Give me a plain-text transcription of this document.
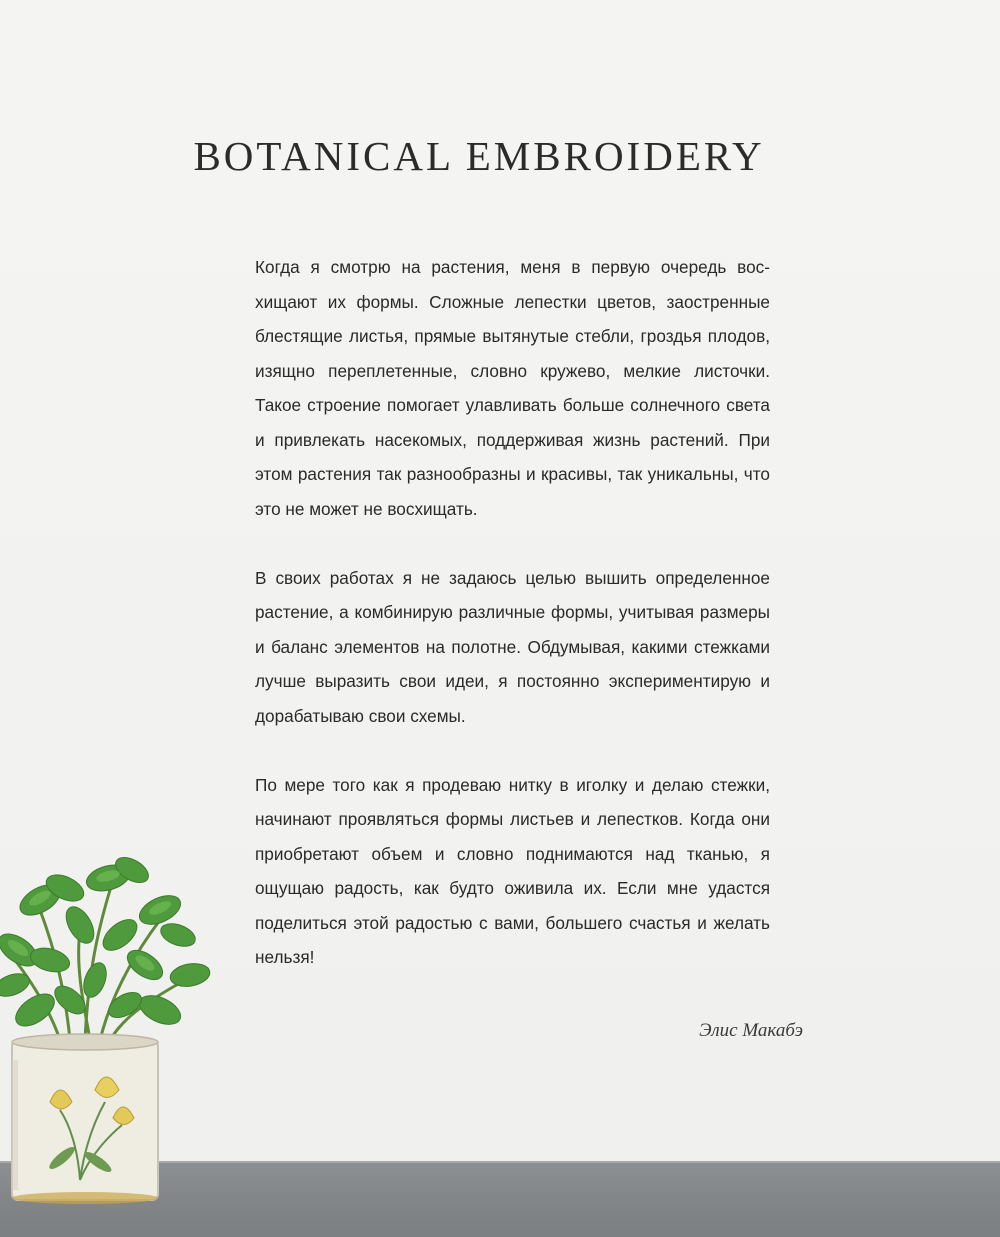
BOTANICAL EMBROIDERY

Когда я смотрю на растения, меня в первую очередь восхищают их формы. Сложные лепестки цветов, заостренные блестящие листья, прямые вытянутые стебли, гроздья плодов, изящно переплетенные, словно кружево, мелкие листочки. Такое строение помогает улавливать больше солнечного света и привлекать насекомых, поддерживая жизнь растений. При этом растения так разнообразны и красивы, так уникальны, что это не может не восхищать.

В своих работах я не задаюсь целью вышить определенное растение, а комбинирую различные формы, учитывая размеры и баланс элементов на полотне. Обдумывая, какими стежками лучше выразить свои идеи, я постоянно экспериментирую и дорабатываю свои схемы.

По мере того как я продеваю нитку в иголку и делаю стежки, начинают проявляться формы листьев и лепестков. Когда они приобретают объем и словно поднимаются над тканью, я ощущаю радость, как будто оживила их. Если мне удастся поделиться этой радостью с вами, большего счастья и желать нельзя!

Элис Макабэ
